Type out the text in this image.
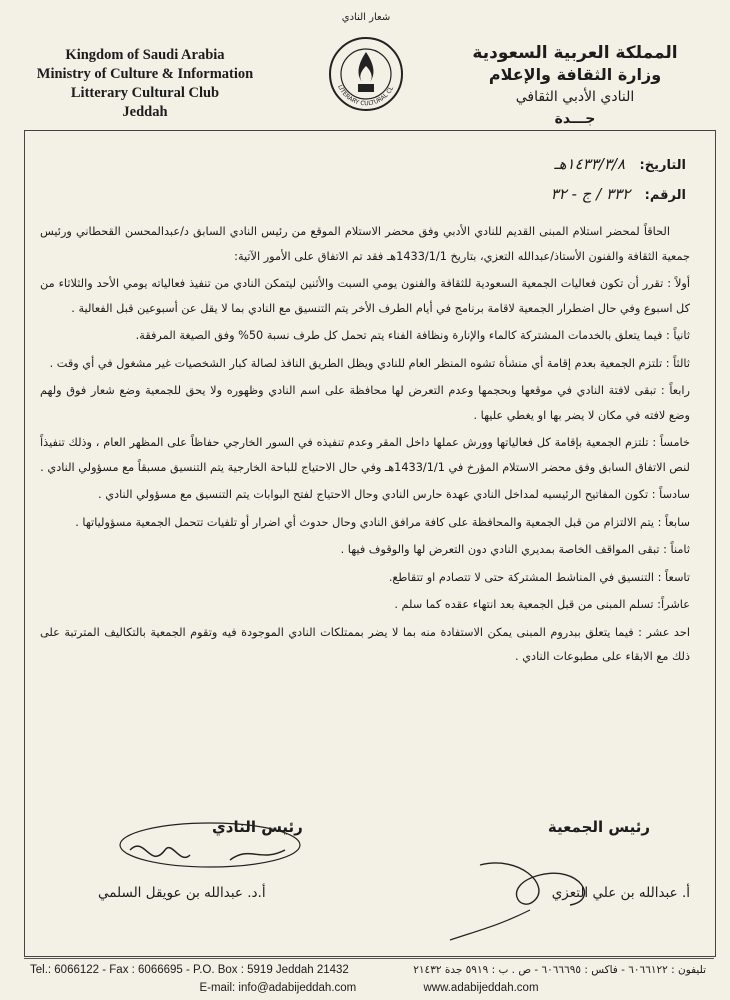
Kingdom of Saudi Arabia
Ministry of Culture & Information
Litterary Cultural Club
Jeddah
شعار النادي
LITERARY CULTURAL CLUB JEDDAH
المملكة العربية السعودية
وزارة الثقافة والإعلام
النادي الأدبي الثقافي
جـــدة
التاريخ: ١٤٣٣/٣/٨هـ
الرقم: ٣٣٢ / ج - ٣٢

الحاقاً لمحضر استلام المبنى القديم للنادي الأدبي وفق محضر الاستلام الموقع من رئيس النادي السابق د/عبدالمحسن القحطاني ورئيس جمعية الثقافة والفنون الأستاذ/عبدالله التعزي، بتاريخ 1433/1/1هـ فقد تم الاتفاق على الأمور الآتية:

أولاً : تقرر أن تكون فعاليات الجمعية السعودية للثقافة والفنون يومي السبت والأثنين ليتمكن النادي من تنفيذ فعالياته يومي الأحد والثلاثاء من كل اسبوع وفي حال اضطرار الجمعية لاقامة برنامج في أيام الطرف الأخر يتم التنسيق مع النادي بما لا يقل عن أسبوعين قبل الفعالية .

ثانياً : فيما يتعلق بالخدمات المشتركة كالماء والإنارة ونظافة الفناء يتم تحمل كل طرف نسبة 50% وفق الصيغة المرفقة.

ثالثاً : تلتزم الجمعية بعدم إقامة أي منشأة تشوه المنظر العام للنادي ويظل الطريق النافذ لصالة كبار الشخصيات غير مشغول في أي وقت .

رابعاً : تبقى لافتة النادي في موقعها وبحجمها وعدم التعرض لها محافظة على اسم النادي وظهوره ولا يحق للجمعية وضع شعار فوق ولهم وضع لافته في مكان لا يضر بها او يغطي عليها .

خامساً : تلتزم الجمعية بإقامة كل فعالياتها وورش عملها داخل المقر وعدم تنفيذه في السور الخارجي حفاظاً على المظهر العام ، وذلك تنفيذاً لنص الاتفاق السابق وفق محضر الاستلام المؤرخ في 1433/1/1هـ وفي حال الاحتياج للباحة الخارجية يتم التنسيق مسبقاً مع مسؤولي النادي .

سادساً : تكون المفاتيح الرئيسيه لمداخل النادي عهدة حارس النادي وحال الاحتياج لفتح البوابات يتم التنسيق مع مسؤولي النادي .

سابعاً : يتم الالتزام من قبل الجمعية والمحافظة على كافة مرافق النادي وحال حدوث أي اضرار أو تلفيات تتحمل الجمعية مسؤولياتها .

ثامناً : تبقى المواقف الخاصة بمديري النادي دون التعرض لها والوقوف فيها .

تاسعاً : التنسيق في المناشط المشتركة حتى لا تتصادم او تتقاطع.

عاشراً: تسلم المبنى من قبل الجمعية بعد انتهاء عقده كما سلم .

احد عشر : فيما يتعلق ببدروم المبنى يمكن الاستفادة منه بما لا يضر بممتلكات النادي الموجودة فيه وتقوم الجمعية بالتكاليف المترتبة على ذلك مع الابقاء على مطبوعات النادي .

رئيس الجمعية
رئيس النادي
أ.د. عبدالله بن عويقل السلمي	أ. عبدالله بن علي التعزي
Tel.: 6066122 - Fax : 6066695 - P.O. Box : 5919 Jeddah 21432	تليفون : ٦٠٦٦١٢٢ - فاكس : ٦٠٦٦٦٩٥ - ص . ب : ٥٩١٩ جدة ٢١٤٣٢
E-mail: info@adabijeddah.com	www.adabijeddah.com
